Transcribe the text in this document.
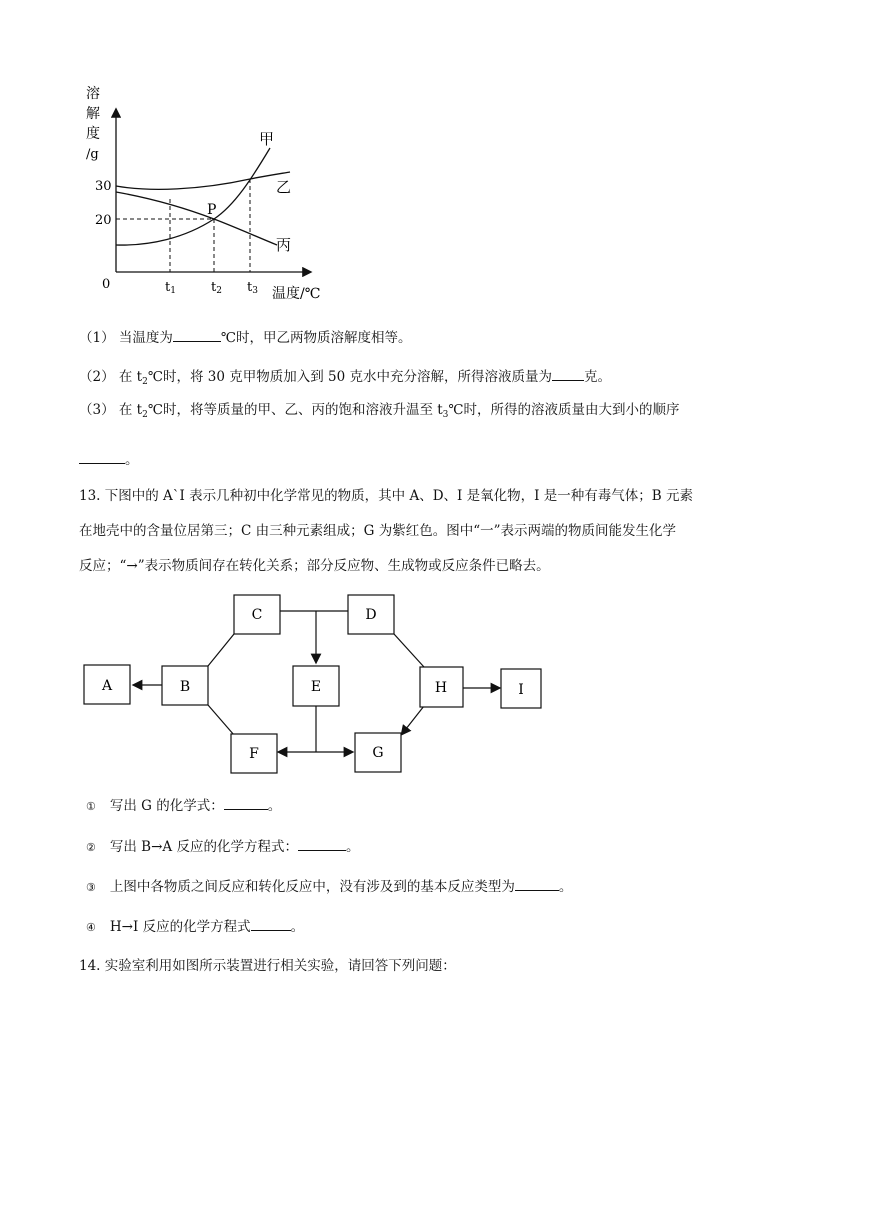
溶
解
度
/g
0
30
20
t1	t2 t3 温度/℃
甲
乙
丙
P
（1） 当温度为	℃时，甲乙两物质溶解度相等。
（2） 在 $t_2℃$时，将 30 克甲物质加入到 50 克水中充分溶解，所得溶液质量为 克。
（3） 在 $t_2℃$时，将等质量的甲、乙、丙的饱和溶液升温至 $t_3℃$时，所得的溶液质量由大到小的顺序
。
13. 下图中的 A`I 表示几种初中化学常见的物质，其中 A、D、I 是氧化物，I 是一种有毒气体；B 元素
在地壳中的含量位居第三；C 由三种元素组成；G 为紫红色。图中“一”表示两端的物质间能发生化学
反应；“→”表示物质间存在转化关系；部分反应物、生成物或反应条件已略去。
A	B
C	D
E	H	I
F	G
① 写出 G 的化学式：	。
② 写出 B→A 反应的化学方程式：	。
③ 上图中各物质之间反应和转化反应中，没有涉及到的基本反应类型为	。
④ H→I 反应的化学方程式	。
14. 实验室利用如图所示装置进行相关实验，请回答下列问题：
